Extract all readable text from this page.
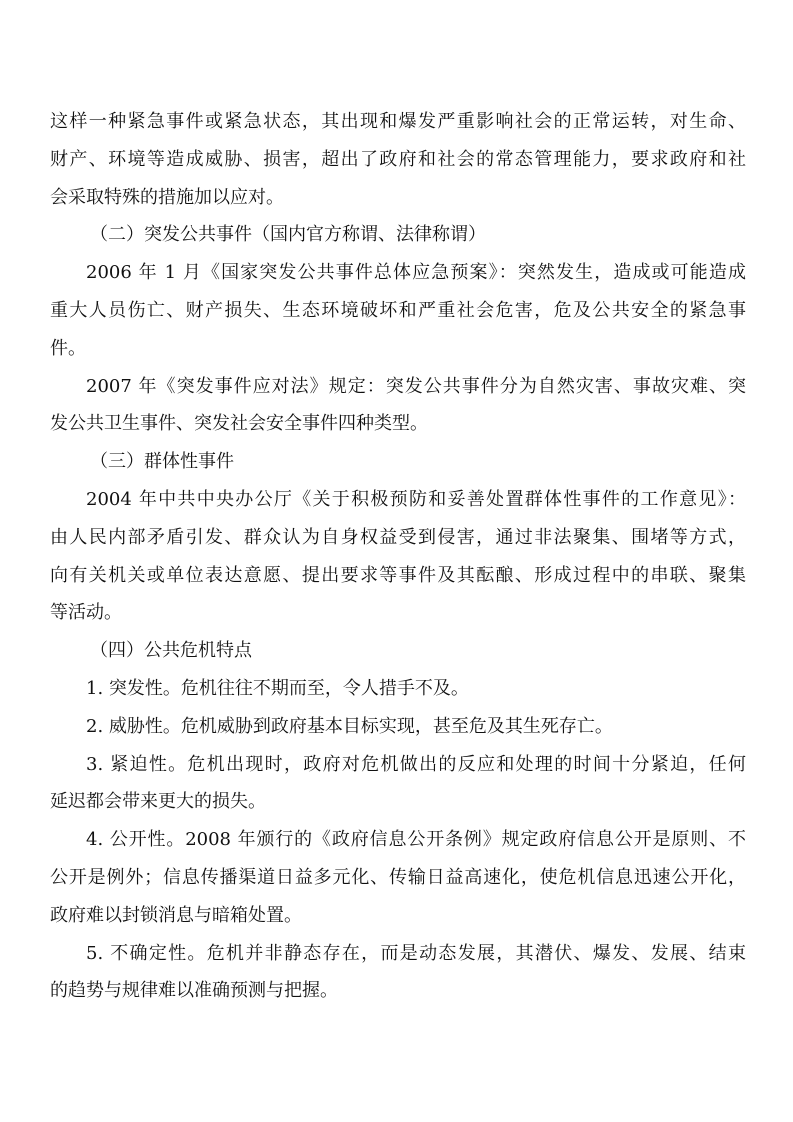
这样一种紧急事件或紧急状态，其出现和爆发严重影响社会的正常运转，对生命、
财产、环境等造成威胁、损害，超出了政府和社会的常态管理能力，要求政府和社
会采取特殊的措施加以应对。
（二）突发公共事件（国内官方称谓、法律称谓）
2006 年 1 月《国家突发公共事件总体应急预案》：突然发生，造成或可能造成
重大人员伤亡、财产损失、生态环境破坏和严重社会危害，危及公共安全的紧急事
件。
2007 年《突发事件应对法》规定：突发公共事件分为自然灾害、事故灾难、突
发公共卫生事件、突发社会安全事件四种类型。
（三）群体性事件
2004 年中共中央办公厅《关于积极预防和妥善处置群体性事件的工作意见》：
由人民内部矛盾引发、群众认为自身权益受到侵害，通过非法聚集、围堵等方式，
向有关机关或单位表达意愿、提出要求等事件及其酝酿、形成过程中的串联、聚集
等活动。
（四）公共危机特点
1. 突发性。危机往往不期而至，令人措手不及。
2. 威胁性。危机威胁到政府基本目标实现，甚至危及其生死存亡。
3. 紧迫性。危机出现时，政府对危机做出的反应和处理的时间十分紧迫，任何
延迟都会带来更大的损失。
4. 公开性。2008 年颁行的《政府信息公开条例》规定政府信息公开是原则、不
公开是例外；信息传播渠道日益多元化、传输日益高速化，使危机信息迅速公开化，
政府难以封锁消息与暗箱处置。
5. 不确定性。危机并非静态存在，而是动态发展，其潜伏、爆发、发展、结束
的趋势与规律难以准确预测与把握。
